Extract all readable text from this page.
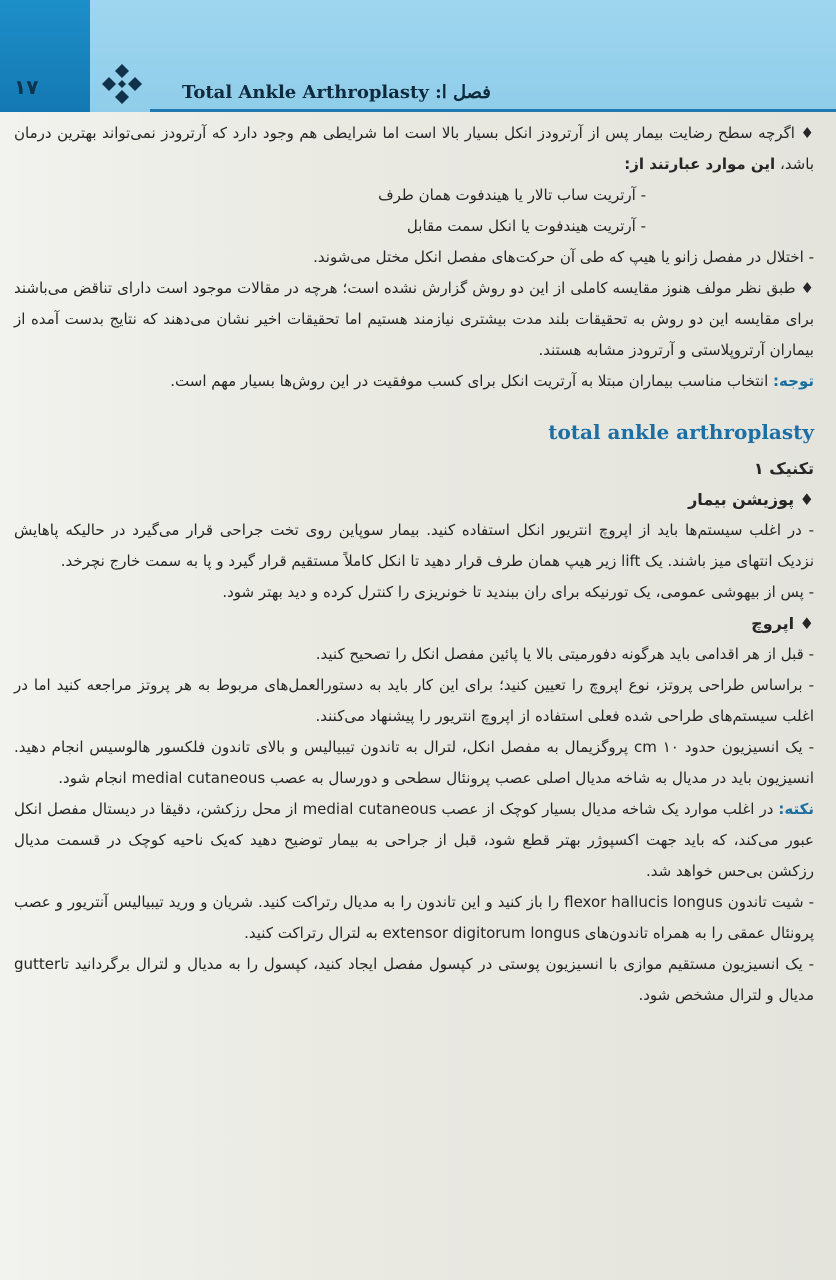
١٧	فصل ا: Total Ankle Arthroplasty

♦ اگرچه سطح رضایت بیمار پس از آرترودز انکل بسیار بالا است اما شرایطی هم وجود دارد که آرترودز نمی‌تواند بهترین درمان باشد، این موارد عبارتند از:

- آرتریت ساب تالار یا هیندفوت همان طرف

- آرتریت هیندفوت یا انکل سمت مقابل

- اختلال در مفصل زانو یا هیپ که طی آن حرکت‌های مفصل انکل مختل می‌شوند.

♦ طبق نظر مولف هنوز مقایسه کاملی از این دو روش گزارش نشده است؛ هرچه در مقالات موجود است دارای تناقض می‌باشند برای مقایسه این دو روش به تحقیقات بلند مدت بیشتری نیازمند هستیم اما تحقیقات اخیر نشان می‌دهند که نتایج بدست آمده از بیماران آرتروپلاستی و آرترودز مشابه هستند.

توجه: انتخاب مناسب بیماران مبتلا به آرتریت انکل برای کسب موفقیت در این روش‌ها بسیار مهم است.

total ankle arthroplasty

تکنیک ۱

♦ پوزیشن بیمار

- در اغلب سیستم‌ها باید از اپروچ انتریور انکل استفاده کنید. بیمار سوپاین روی تخت جراحی قرار می‌گیرد در حالیکه پاهایش نزدیک انتهای میز باشند. یک lift زیر هیپ همان طرف قرار دهید تا انکل کاملاً مستقیم قرار گیرد و پا به سمت خارج نچرخد.

- پس از بیهوشی عمومی، یک تورنیکه برای ران ببندید تا خونریزی را کنترل کرده و دید بهتر شود.

♦ اپروچ

- قبل از هر اقدامی باید هرگونه دفورمیتی بالا یا پائین مفصل انکل را تصحیح کنید.

- براساس طراحی پروتز، نوع اپروچ را تعیین کنید؛ برای این کار باید به دستورالعمل‌های مربوط به هر پروتز مراجعه کنید اما در اغلب سیستم‌های طراحی شده فعلی استفاده از اپروچ انتریور را پیشنهاد می‌کنند.

- یک انسیزیون حدود ۱۰ cm پروگزیمال به مفصل انکل، لترال به تاندون تیبیالیس و بالای تاندون فلکسور هالوسیس انجام دهید. انسیزیون باید در مدیال به شاخه مدیال اصلی عصب پرونئال سطحی و دورسال به عصب medial cutaneous انجام شود.

نکته: در اغلب موارد یک شاخه مدیال بسیار کوچک از عصب medial cutaneous از محل رزکشن، دقیقا در دیستال مفصل انکل عبور می‌کند، که باید جهت اکسپوژر بهتر قطع شود، قبل از جراحی به بیمار توضیح دهید که‌یک ناحیه کوچک در قسمت مدیال رزکشن بی‌حس خواهد شد.

- شیت تاندون flexor hallucis longus را باز کنید و این تاندون را به مدیال رتراکت کنید. شریان و ورید تیبیالیس آنتریور و عصب پرونئال عمقی را به همراه تاندون‌های extensor digitorum longus به لترال رتراکت کنید.

- یک انسیزیون مستقیم موازی با انسیزیون پوستی در کپسول مفصل ایجاد کنید، کپسول را به مدیال و لترال برگردانید تاgutter مدیال و لترال مشخص شود.
